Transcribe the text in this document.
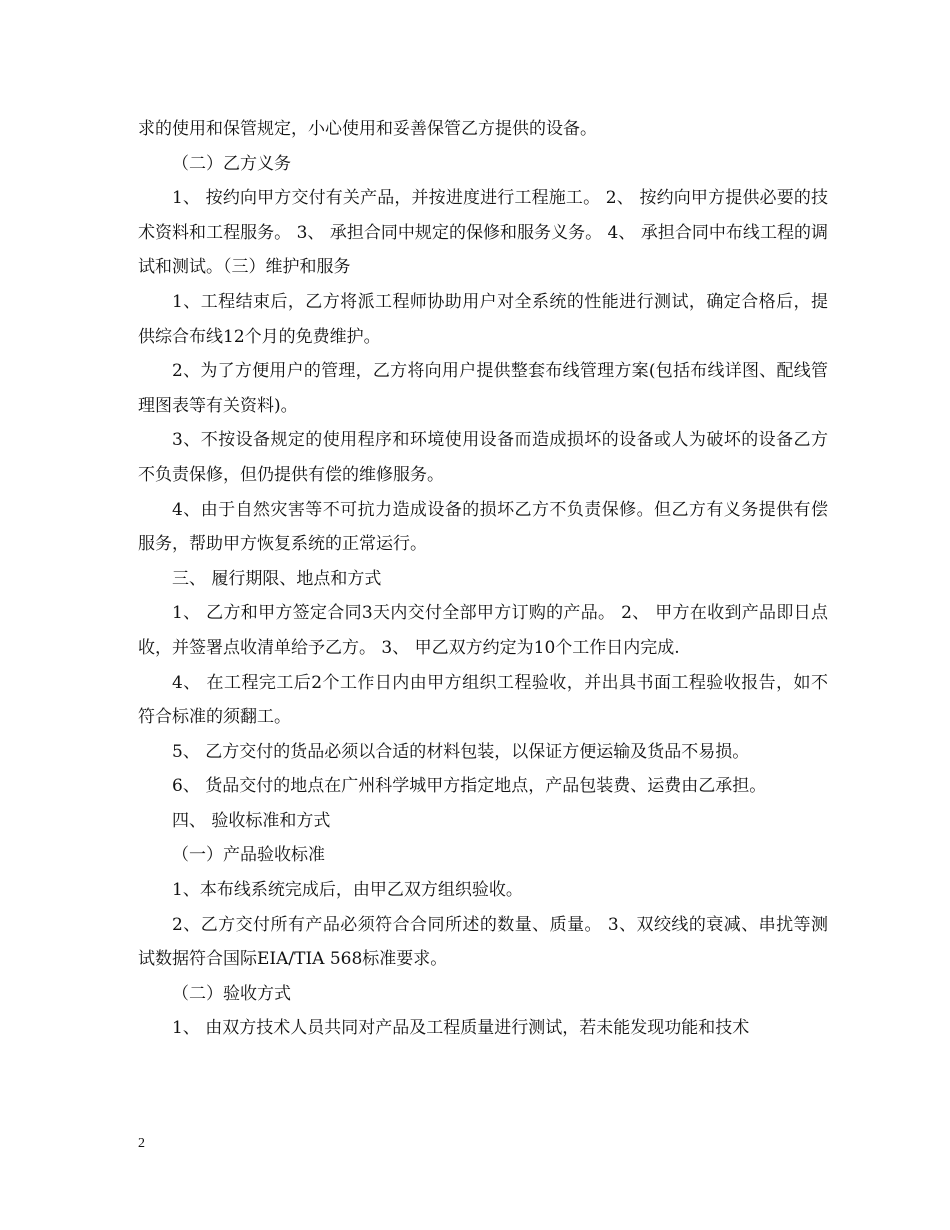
求的使用和保管规定，小心使用和妥善保管乙方提供的设备。

（二）乙方义务

1、 按约向甲方交付有关产品，并按进度进行工程施工。 2、 按约向甲方提供必要的技术资料和工程服务。 3、 承担合同中规定的保修和服务义务。 4、 承担合同中布线工程的调试和测试。（三）维护和服务

1、工程结束后，乙方将派工程师协助用户对全系统的性能进行测试，确定合格后，提供综合布线12个月的免费维护。

2、为了方便用户的管理，乙方将向用户提供整套布线管理方案(包括布线详图、配线管理图表等有关资料)。

3、不按设备规定的使用程序和环境使用设备而造成损坏的设备或人为破坏的设备乙方不负责保修，但仍提供有偿的维修服务。

4、由于自然灾害等不可抗力造成设备的损坏乙方不负责保修。但乙方有义务提供有偿服务，帮助甲方恢复系统的正常运行。

三、 履行期限、地点和方式

1、 乙方和甲方签定合同3天内交付全部甲方订购的产品。 2、 甲方在收到产品即日点收，并签署点收清单给予乙方。 3、 甲乙双方约定为10个工作日内完成.

4、 在工程完工后2个工作日内由甲方组织工程验收，并出具书面工程验收报告，如不符合标准的须翻工。

5、 乙方交付的货品必须以合适的材料包装，以保证方便运输及货品不易损。

6、 货品交付的地点在广州科学城甲方指定地点，产品包装费、运费由乙承担。

四、 验收标准和方式

（一）产品验收标准

1、本布线系统完成后，由甲乙双方组织验收。

2、乙方交付所有产品必须符合合同所述的数量、质量。 3、双绞线的衰减、串扰等测试数据符合国际EIA/TIA 568标准要求。

（二）验收方式

1、 由双方技术人员共同对产品及工程质量进行测试，若未能发现功能和技术

2
